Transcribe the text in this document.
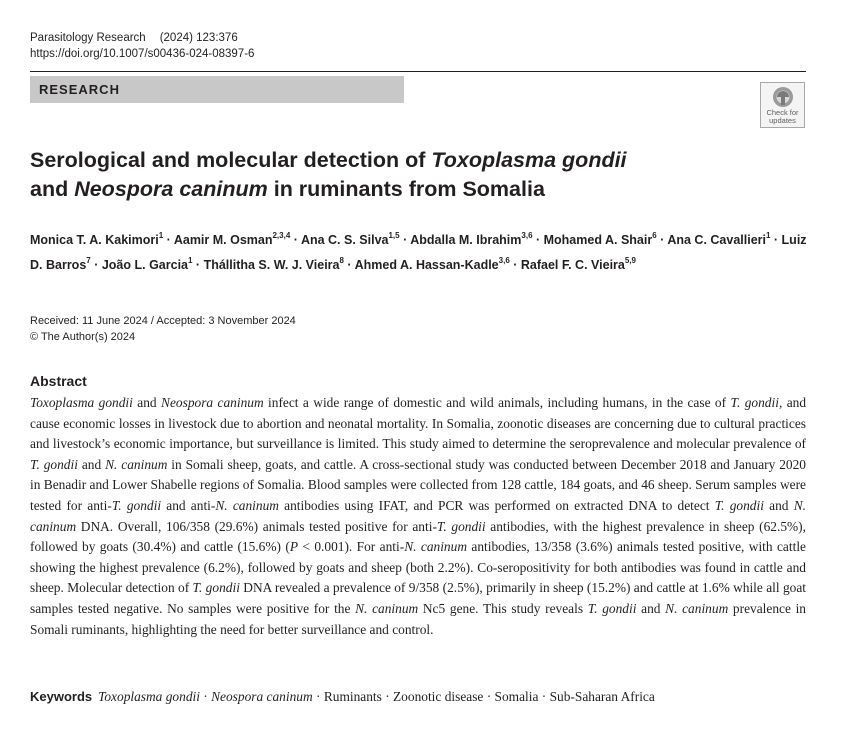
Parasitology Research (2024) 123:376
https://doi.org/10.1007/s00436-024-08397-6
RESEARCH
Check for
updates
Serological and molecular detection of Toxoplasma gondii
and Neospora caninum in ruminants from Somalia
Monica T. A. Kakimori$^1$ · Aamir M. Osman$^{2,3,4}$ · Ana C. S. Silva$^{1,5}$ · Abdalla M. Ibrahim$^{3,6}$ · Mohamed A. Shair$^6$ · Ana C. Cavallieri$^1$ · Luiz D. Barros$^7$ · João L. Garcia$^1$ · Thállitha S. W. J. Vieira$^8$ · Ahmed A. Hassan-Kadle$^{3,6}$ · Rafael F. C. Vieira$^{5,9}$
Received: 11 June 2024 / Accepted: 3 November 2024
© The Author(s) 2024
Abstract
Toxoplasma gondii and Neospora caninum infect a wide range of domestic and wild animals, including humans, in the case of T. gondii, and cause economic losses in livestock due to abortion and neonatal mortality. In Somalia, zoonotic diseases are concerning due to cultural practices and livestock’s economic importance, but surveillance is limited. This study aimed to determine the seroprevalence and molecular prevalence of T. gondii and N. caninum in Somali sheep, goats, and cattle. A cross-sectional study was conducted between December 2018 and January 2020 in Benadir and Lower Shabelle regions of Somalia. Blood samples were collected from 128 cattle, 184 goats, and 46 sheep. Serum samples were tested for anti-T. gondii and anti-N. caninum antibodies using IFAT, and PCR was performed on extracted DNA to detect T. gondii and N. caninum DNA. Overall, 106/358 (29.6%) animals tested positive for anti-T. gondii antibodies, with the highest prevalence in sheep (62.5%), followed by goats (30.4%) and cattle (15.6%) (P < 0.001). For anti-N. caninum antibodies, 13/358 (3.6%) animals tested positive, with cattle showing the highest prevalence (6.2%), followed by goats and sheep (both 2.2%). Co-seropositivity for both antibodies was found in cattle and sheep. Molecular detection of T. gondii DNA revealed a prevalence of 9/358 (2.5%), primarily in sheep (15.2%) and cattle at 1.6% while all goat samples tested negative. No samples were positive for the N. caninum Nc5 gene. This study reveals T. gondii and N. caninum prevalence in Somali ruminants, highlighting the need for better surveillance and control.
Keywords Toxoplasma gondii · Neospora caninum · Ruminants · Zoonotic disease · Somalia · Sub-Saharan Africa
